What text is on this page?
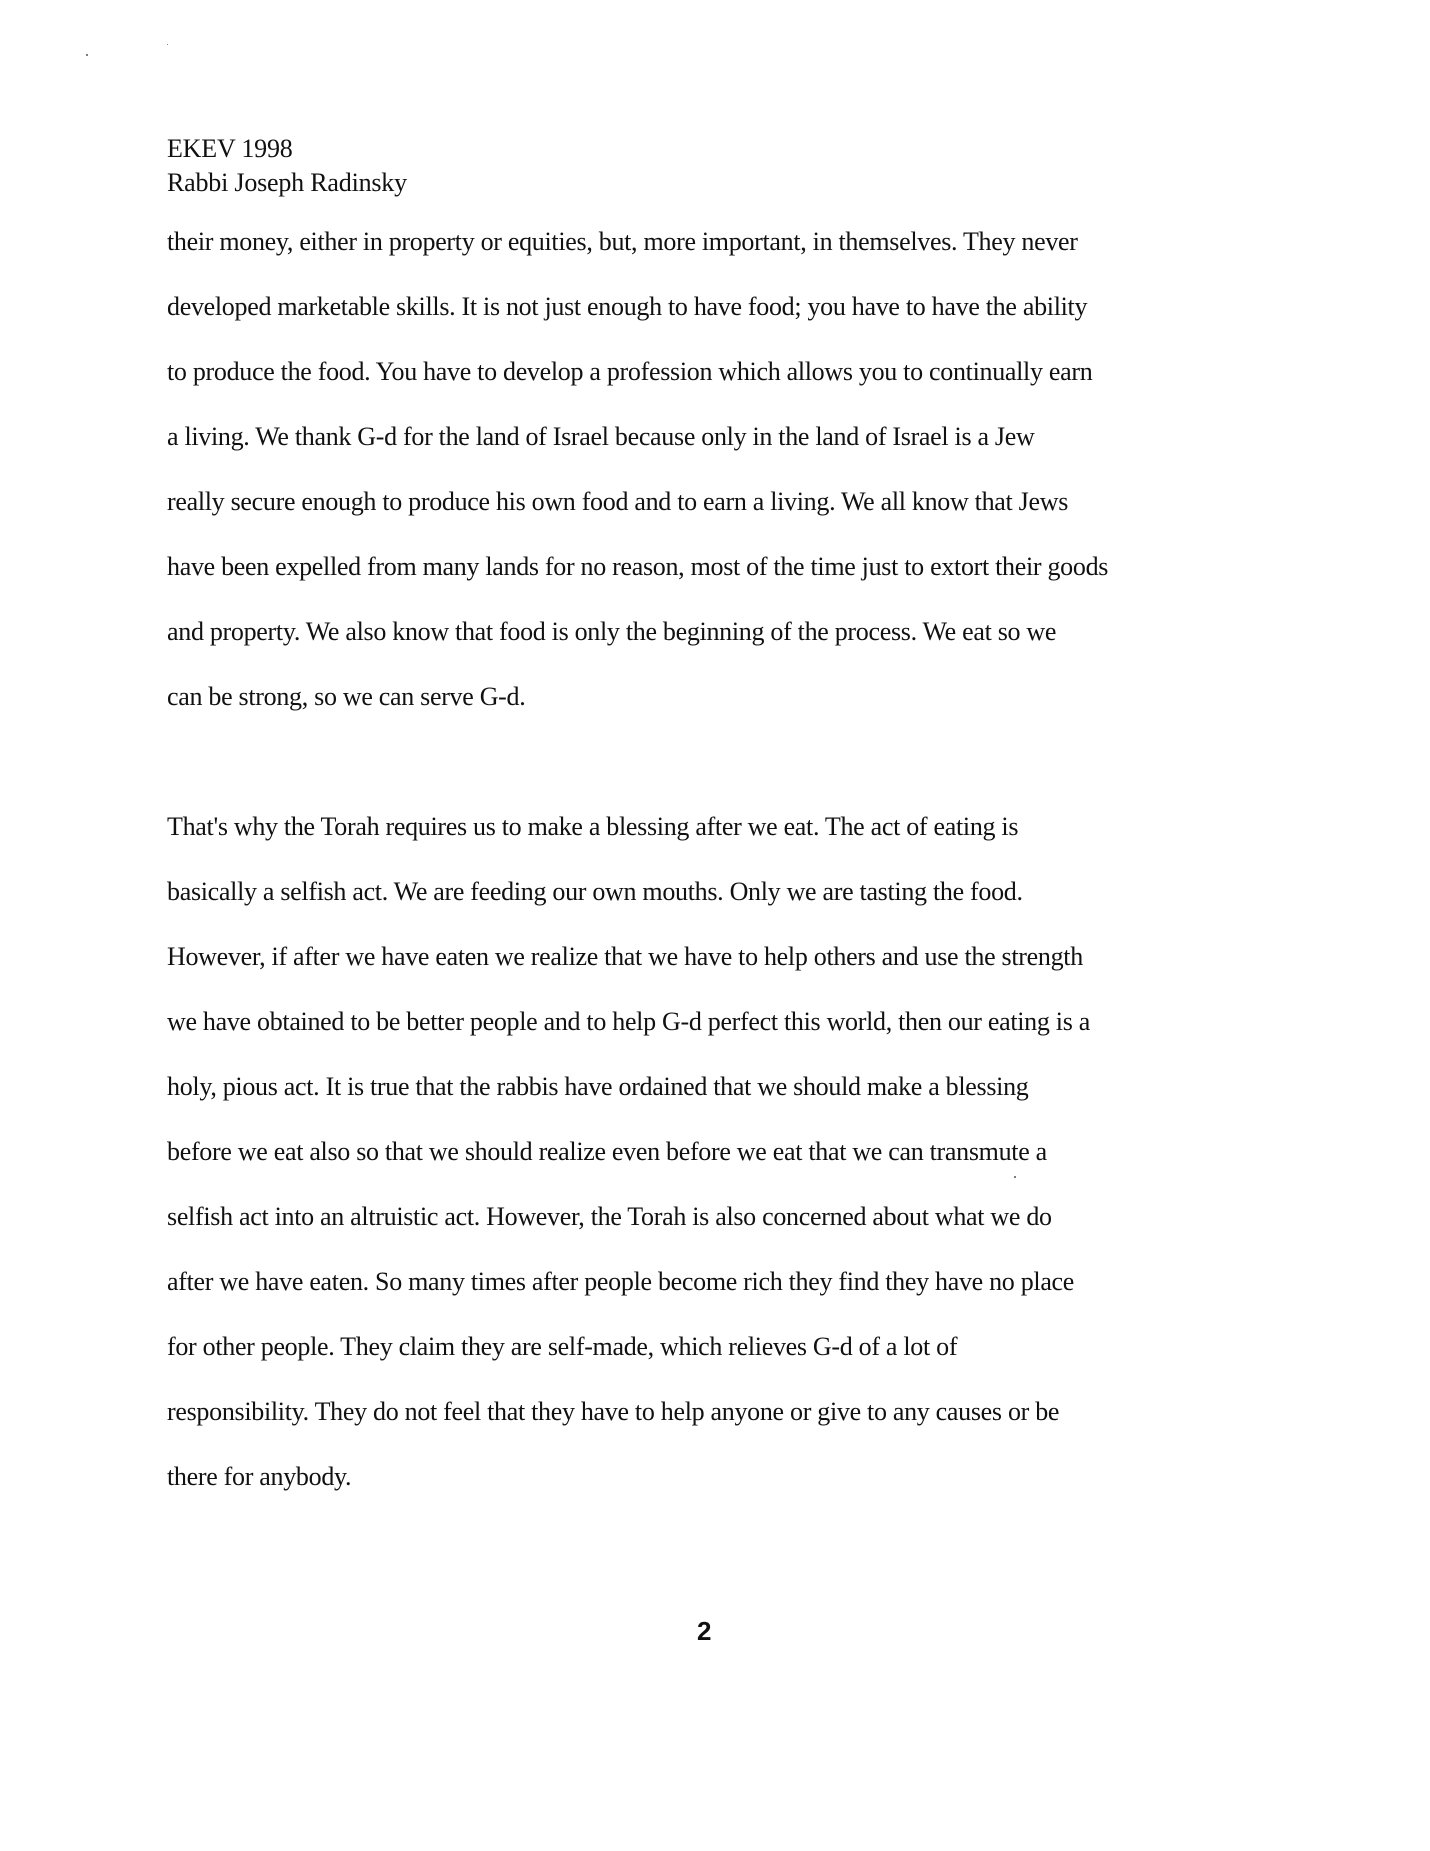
EKEV 1998
Rabbi Joseph Radinsky
their money, either in property or equities, but, more important, in themselves. They never
developed marketable skills. It is not just enough to have food; you have to have the ability
to produce the food. You have to develop a profession which allows you to continually earn
a living. We thank G-d for the land of Israel because only in the land of Israel is a Jew
really secure enough to produce his own food and to earn a living. We all know that Jews
have been expelled from many lands for no reason, most of the time just to extort their goods
and property. We also know that food is only the beginning of the process. We eat so we
can be strong, so we can serve G-d.
That's why the Torah requires us to make a blessing after we eat. The act of eating is
basically a selfish act. We are feeding our own mouths. Only we are tasting the food.
However, if after we have eaten we realize that we have to help others and use the strength
we have obtained to be better people and to help G-d perfect this world, then our eating is a
holy, pious act. It is true that the rabbis have ordained that we should make a blessing
before we eat also so that we should realize even before we eat that we can transmute a
selfish act into an altruistic act. However, the Torah is also concerned about what we do
after we have eaten. So many times after people become rich they find they have no place
for other people. They claim they are self-made, which relieves G-d of a lot of
responsibility. They do not feel that they have to help anyone or give to any causes or be
there for anybody.
2
